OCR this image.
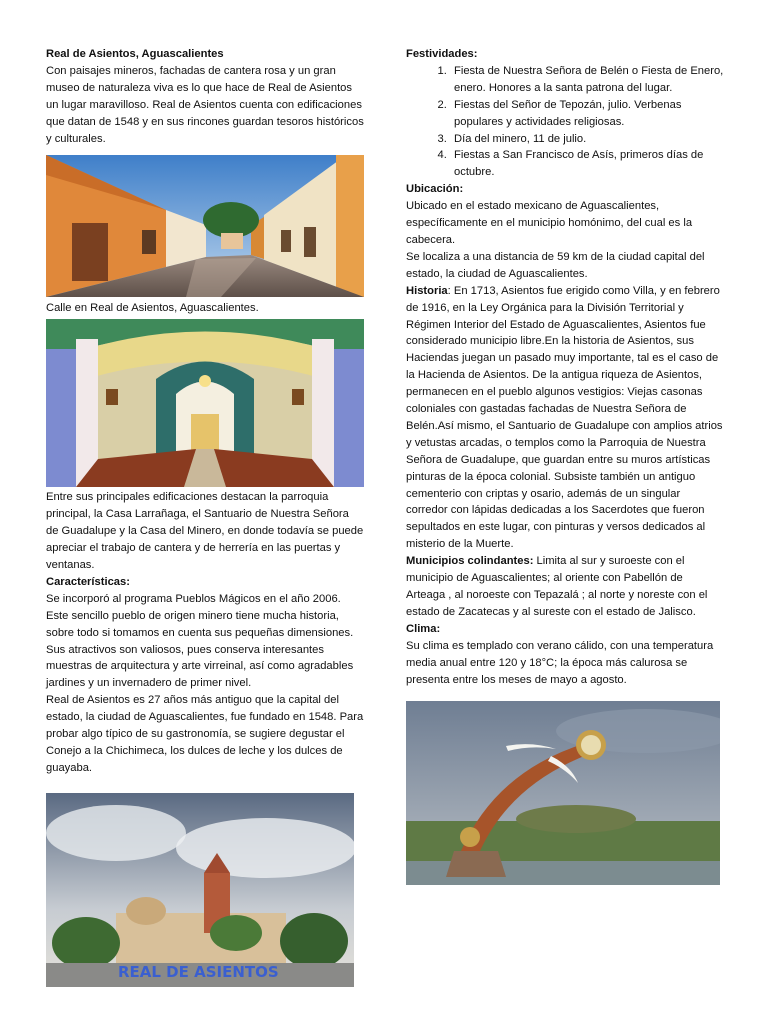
Real de Asientos, Aguascalientes

Con paisajes mineros, fachadas de cantera rosa y un gran museo de naturaleza viva es lo que hace de Real de Asientos un lugar maravilloso. Real de Asientos cuenta con edificaciones que datan de 1548 y en sus rincones guardan tesoros históricos y culturales.

Calle en Real de Asientos, Aguascalientes.

Entre sus principales edificaciones destacan la parroquia principal, la Casa Larrañaga, el Santuario de Nuestra Señora de Guadalupe y la Casa del Minero, en donde todavía se puede apreciar el trabajo de cantera y de herrería en las puertas y ventanas.

Características:

Se incorporó al programa Pueblos Mágicos en el año 2006. Este sencillo pueblo de origen minero tiene mucha historia, sobre todo si tomamos en cuenta sus pequeñas dimensiones. Sus atractivos son valiosos, pues conserva interesantes muestras de arquitectura y arte virreinal, así como agradables jardines y un invernadero de primer nivel.

Real de Asientos es 27 años más antiguo que la capital del estado, la ciudad de Aguascalientes, fue fundado en 1548. Para probar algo típico de su gastronomía, se sugiere degustar el Conejo a la Chichimeca, los dulces de leche y los dulces de guayaba.

REAL DE ASIENTOS

Festividades:

1. Fiesta de Nuestra Señora de Belén o Fiesta de Enero, enero. Honores a la santa patrona del lugar.
2. Fiestas del Señor de Tepozán, julio. Verbenas populares y actividades religiosas.
3. Día del minero, 11 de julio.
4. Fiestas a San Francisco de Asís, primeros días de octubre.

Ubicación:

Ubicado en el estado mexicano de Aguascalientes, específicamente en el municipio homónimo, del cual es la cabecera.

Se localiza a una distancia de 59 km de la ciudad capital del estado, la ciudad de Aguascalientes.

Historia: En 1713, Asientos fue erigido como Villa, y en febrero de 1916, en la Ley Orgánica para la División Territorial y Régimen Interior del Estado de Aguascalientes, Asientos fue considerado municipio libre.En la historia de Asientos, sus Haciendas juegan un pasado muy importante, tal es el caso de la Hacienda de Asientos. De la antigua riqueza de Asientos, permanecen en el pueblo algunos vestigios: Viejas casonas coloniales con gastadas fachadas de Nuestra Señora de Belén.Así mismo, el Santuario de Guadalupe con amplios atrios y vetustas arcadas, o templos como la Parroquia de Nuestra Señora de Guadalupe, que guardan entre su muros artísticas pinturas de la época colonial. Subsiste también un antiguo cementerio con criptas y osario, además de un singular corredor con lápidas dedicadas a los Sacerdotes que fueron sepultados en este lugar, con pinturas y versos dedicados al misterio de la Muerte.

Municipios colindantes: Limita al sur y suroeste con el municipio de Aguascalientes; al oriente con Pabellón de Arteaga , al noroeste con Tepazalá ; al norte y noreste con el estado de Zacatecas y al sureste con el estado de Jalisco.

Clima:

Su clima es templado con verano cálido, con una temperatura media anual entre 120 y 18°C; la época más calurosa se presenta entre los meses de mayo a agosto.
